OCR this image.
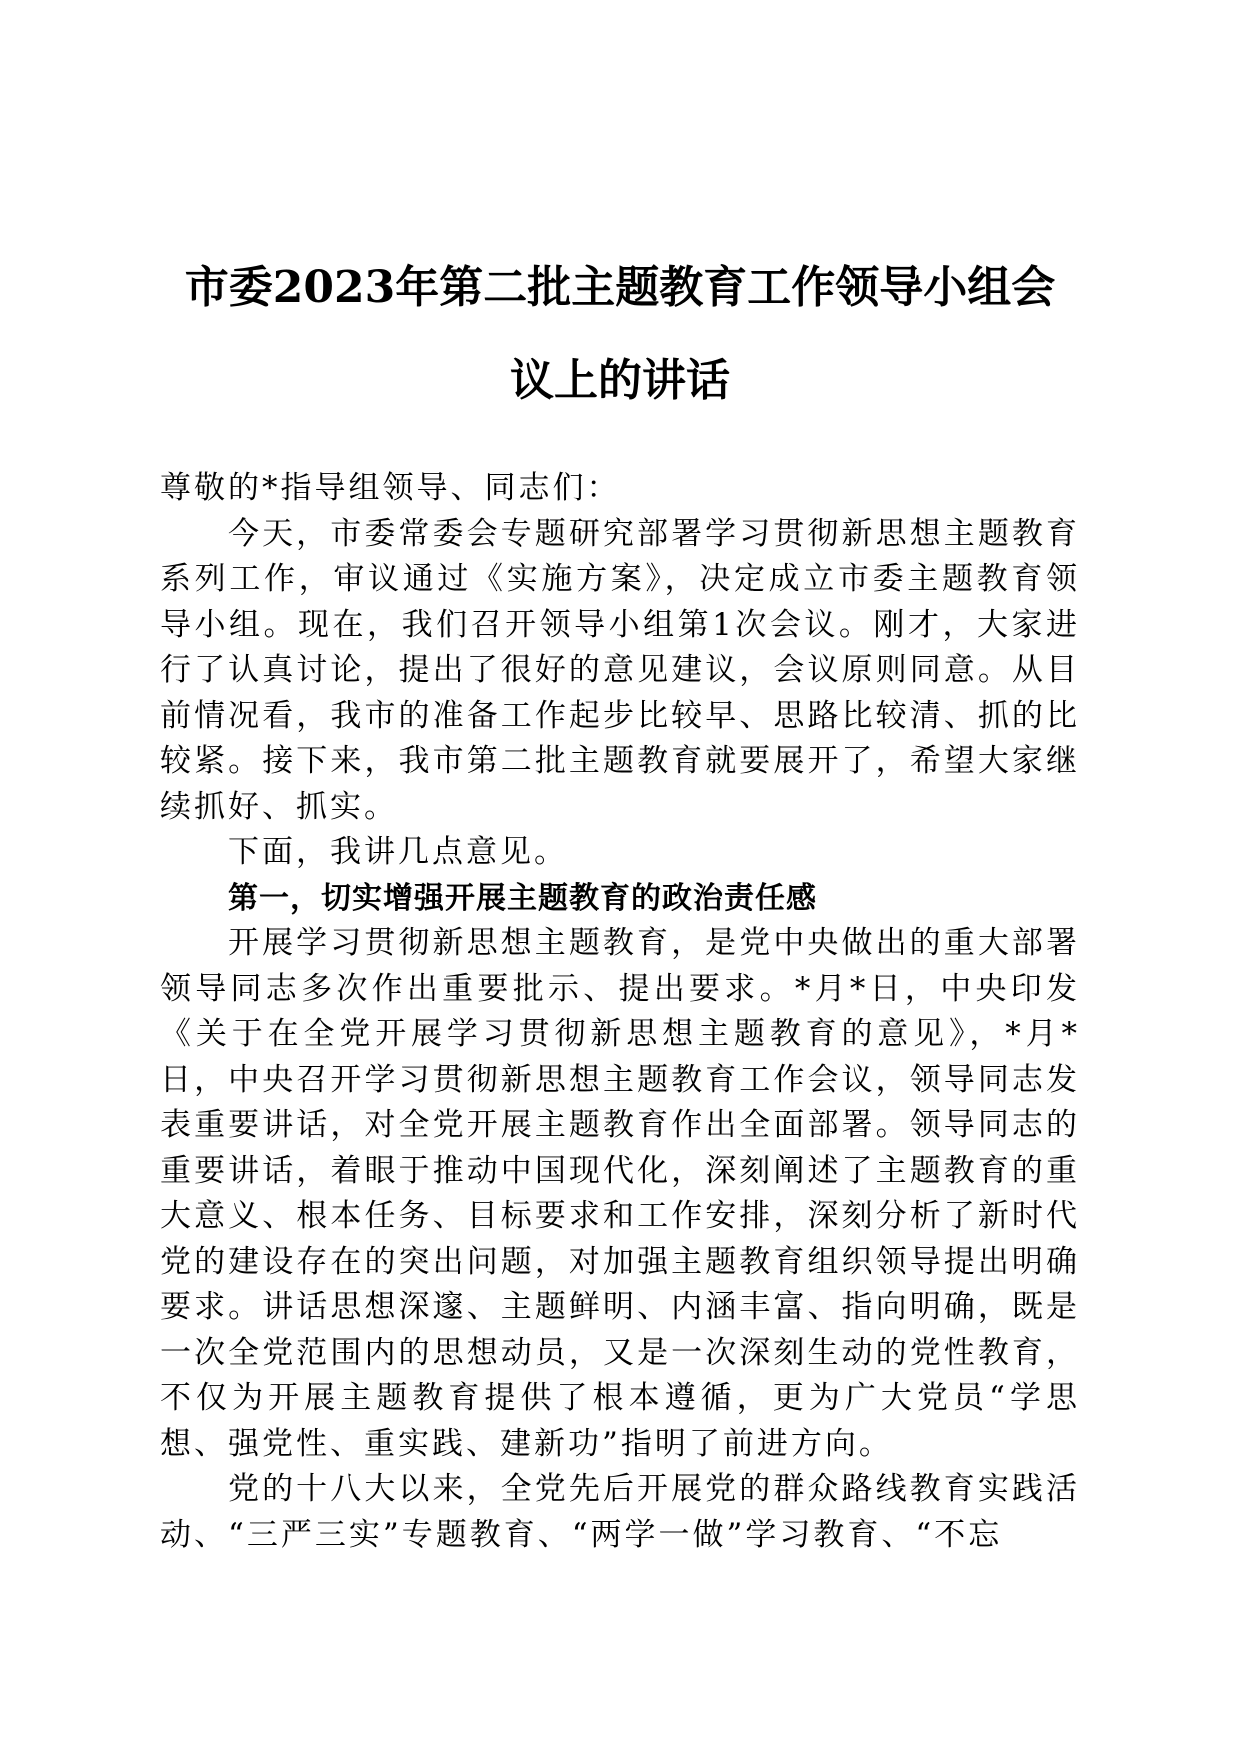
市委2023年第二批主题教育工作领导小组会
议上的讲话

尊敬的*指导组领导、同志们：

今天，市委常委会专题研究部署学习贯彻新思想主题教育系列工作，审议通过《实施方案》，决定成立市委主题教育领导小组。现在，我们召开领导小组第1次会议。刚才，大家进行了认真讨论，提出了很好的意见建议，会议原则同意。从目前情况看，我市的准备工作起步比较早、思路比较清、抓的比较紧。接下来，我市第二批主题教育就要展开了，希望大家继续抓好、抓实。

下面，我讲几点意见。

第一，切实增强开展主题教育的政治责任感

开展学习贯彻新思想主题教育，是党中央做出的重大部署领导同志多次作出重要批示、提出要求。*月*日，中央印发《关于在全党开展学习贯彻新思想主题教育的意见》，*月*日，中央召开学习贯彻新思想主题教育工作会议，领导同志发表重要讲话，对全党开展主题教育作出全面部署。领导同志的重要讲话，着眼于推动中国现代化，深刻阐述了主题教育的重大意义、根本任务、目标要求和工作安排，深刻分析了新时代党的建设存在的突出问题，对加强主题教育组织领导提出明确要求。讲话思想深邃、主题鲜明、内涵丰富、指向明确，既是一次全党范围内的思想动员，又是一次深刻生动的党性教育，不仅为开展主题教育提供了根本遵循，更为广大党员“学思想、强党性、重实践、建新功”指明了前进方向。

党的十八大以来，全党先后开展党的群众路线教育实践活动、“三严三实”专题教育、“两学一做”学习教育、“不忘
